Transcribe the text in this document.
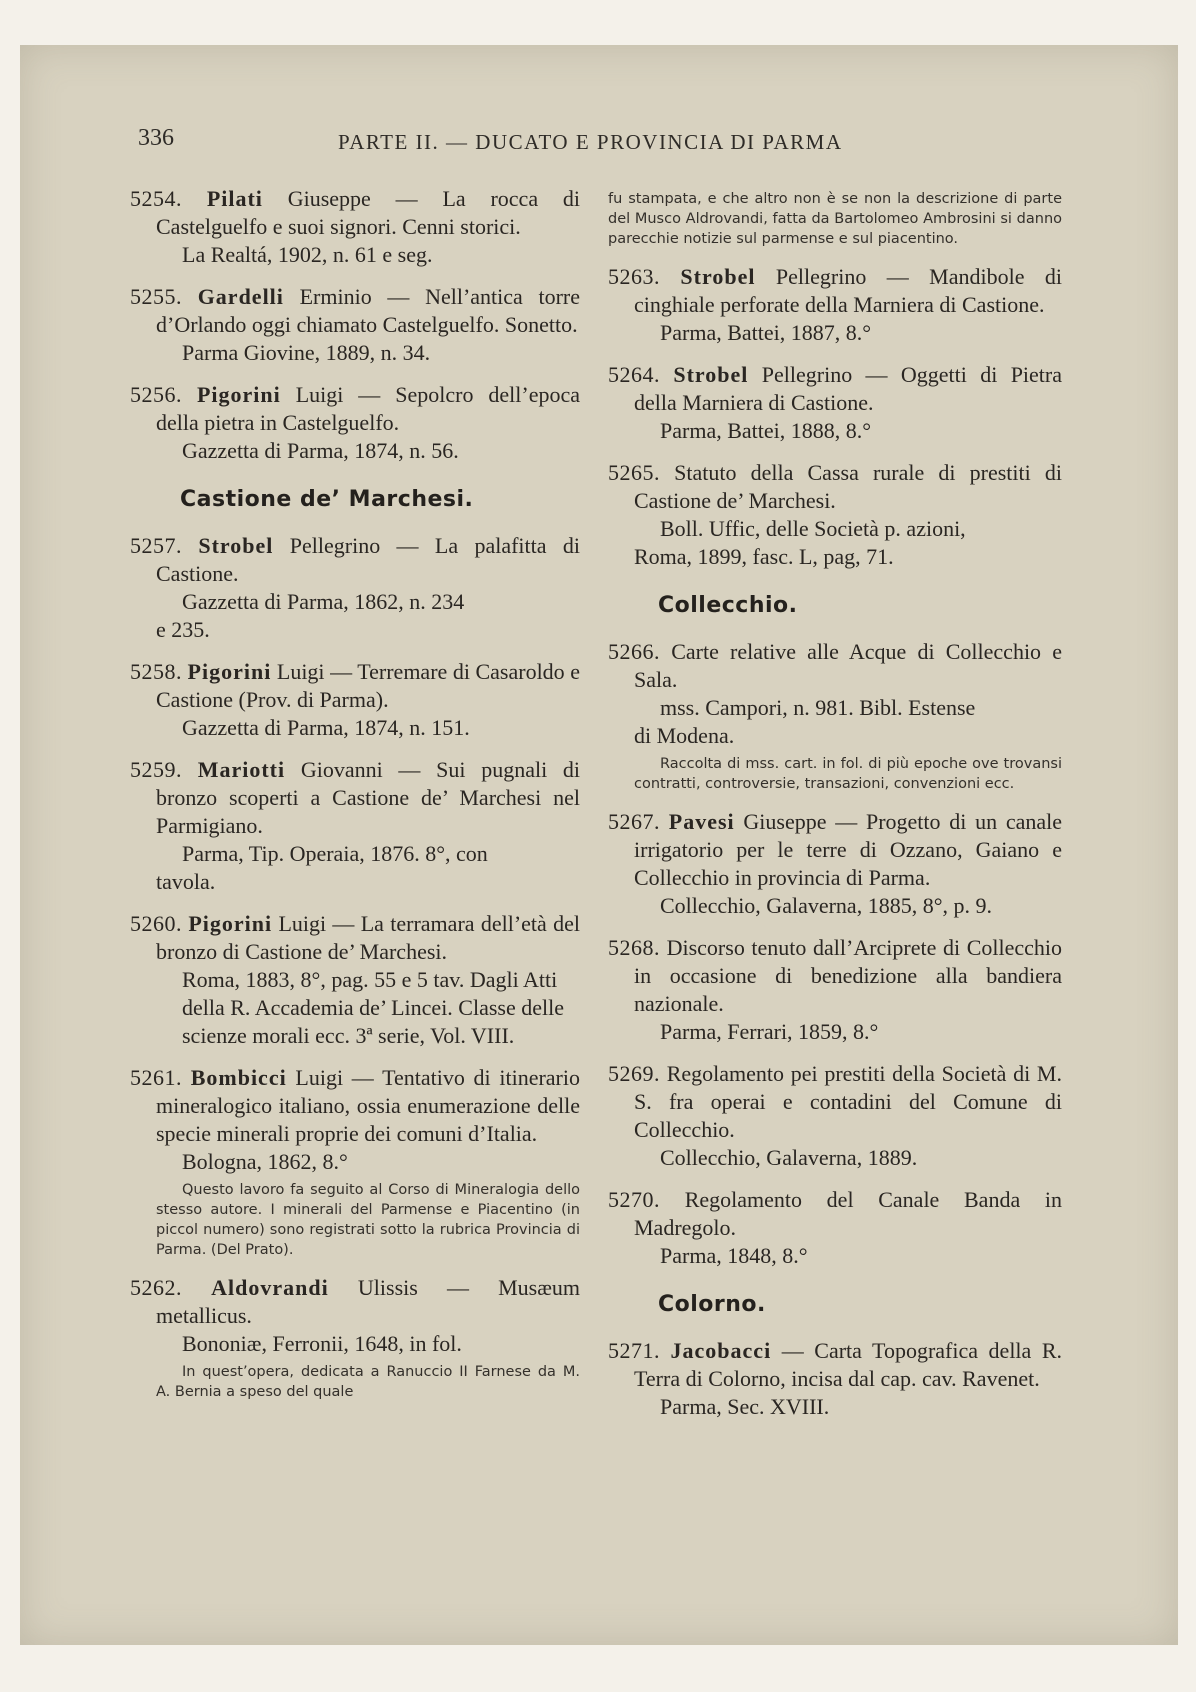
336	PARTE II. — DUCATO E PROVINCIA DI PARMA
5254. Pilati Giuseppe — La rocca di Castelguelfo e suoi signori. Cenni storici.
La Realtá, 1902, n. 61 e seg.
5255. Gardelli Erminio — Nell’antica torre d’Orlando oggi chiamato Castelguelfo. Sonetto.
Parma Giovine, 1889, n. 34.
5256. Pigorini Luigi — Sepolcro dell’epoca della pietra in Castelguelfo.
Gazzetta di Parma, 1874, n. 56.
Castione de’ Marchesi.
5257. Strobel Pellegrino — La palafitta di Castione.
Gazzetta di Parma, 1862, n. 234
e 235.
5258. Pigorini Luigi — Terremare di Casaroldo e Castione (Prov. di Parma).
Gazzetta di Parma, 1874, n. 151.
5259. Mariotti Giovanni — Sui pugnali di bronzo scoperti a Castione de’ Marchesi nel Parmigiano.
Parma, Tip. Operaia, 1876. 8°, con
tavola.
5260. Pigorini Luigi — La terramara dell’età del bronzo di Castione de’ Marchesi.
Roma, 1883, 8°, pag. 55 e 5 tav. Dagli Atti della R. Accademia de’ Lincei. Classe delle scienze morali ecc. 3ª serie, Vol. VIII.
5261. Bombicci Luigi — Tentativo di itinerario mineralogico italiano, ossia enumerazione delle specie minerali proprie dei comuni d’Italia.
Bologna, 1862, 8.°
Questo lavoro fa seguito al Corso di Mineralogia dello stesso autore. I minerali del Parmense e Piacentino (in piccol numero) sono registrati sotto la rubrica Provincia di Parma. (Del Prato).
5262. Aldovrandi Ulissis — Musæum metallicus.
Bononiæ, Ferronii, 1648, in fol.
In quest’opera, dedicata a Ranuccio II Farnese da M. A. Bernia a speso del quale
fu stampata, e che altro non è se non la descrizione di parte del Musco Aldrovandi, fatta da Bartolomeo Ambrosini si danno parecchie notizie sul parmense e sul piacentino.
5263. Strobel Pellegrino — Mandibole di cinghiale perforate della Marniera di Castione.
Parma, Battei, 1887, 8.°
5264. Strobel Pellegrino — Oggetti di Pietra della Marniera di Castione.
Parma, Battei, 1888, 8.°
5265. Statuto della Cassa rurale di prestiti di Castione de’ Marchesi.
Boll. Uffic, delle Società p. azioni,
Roma, 1899, fasc. L, pag, 71.
Collecchio.
5266. Carte relative alle Acque di Collecchio e Sala.
mss. Campori, n. 981. Bibl. Estense
di Modena.
Raccolta di mss. cart. in fol. di più epoche ove trovansi contratti, controversie, transazioni, convenzioni ecc.
5267. Pavesi Giuseppe — Progetto di un canale irrigatorio per le terre di Ozzano, Gaiano e Collecchio in provincia di Parma.
Collecchio, Galaverna, 1885, 8°, p. 9.
5268. Discorso tenuto dall’Arciprete di Collecchio in occasione di benedizione alla bandiera nazionale.
Parma, Ferrari, 1859, 8.°
5269. Regolamento pei prestiti della Società di M. S. fra operai e contadini del Comune di Collecchio.
Collecchio, Galaverna, 1889.
5270. Regolamento del Canale Banda in Madregolo.
Parma, 1848, 8.°
Colorno.
5271. Jacobacci — Carta Topografica della R. Terra di Colorno, incisa dal cap. cav. Ravenet.
Parma, Sec. XVIII.
